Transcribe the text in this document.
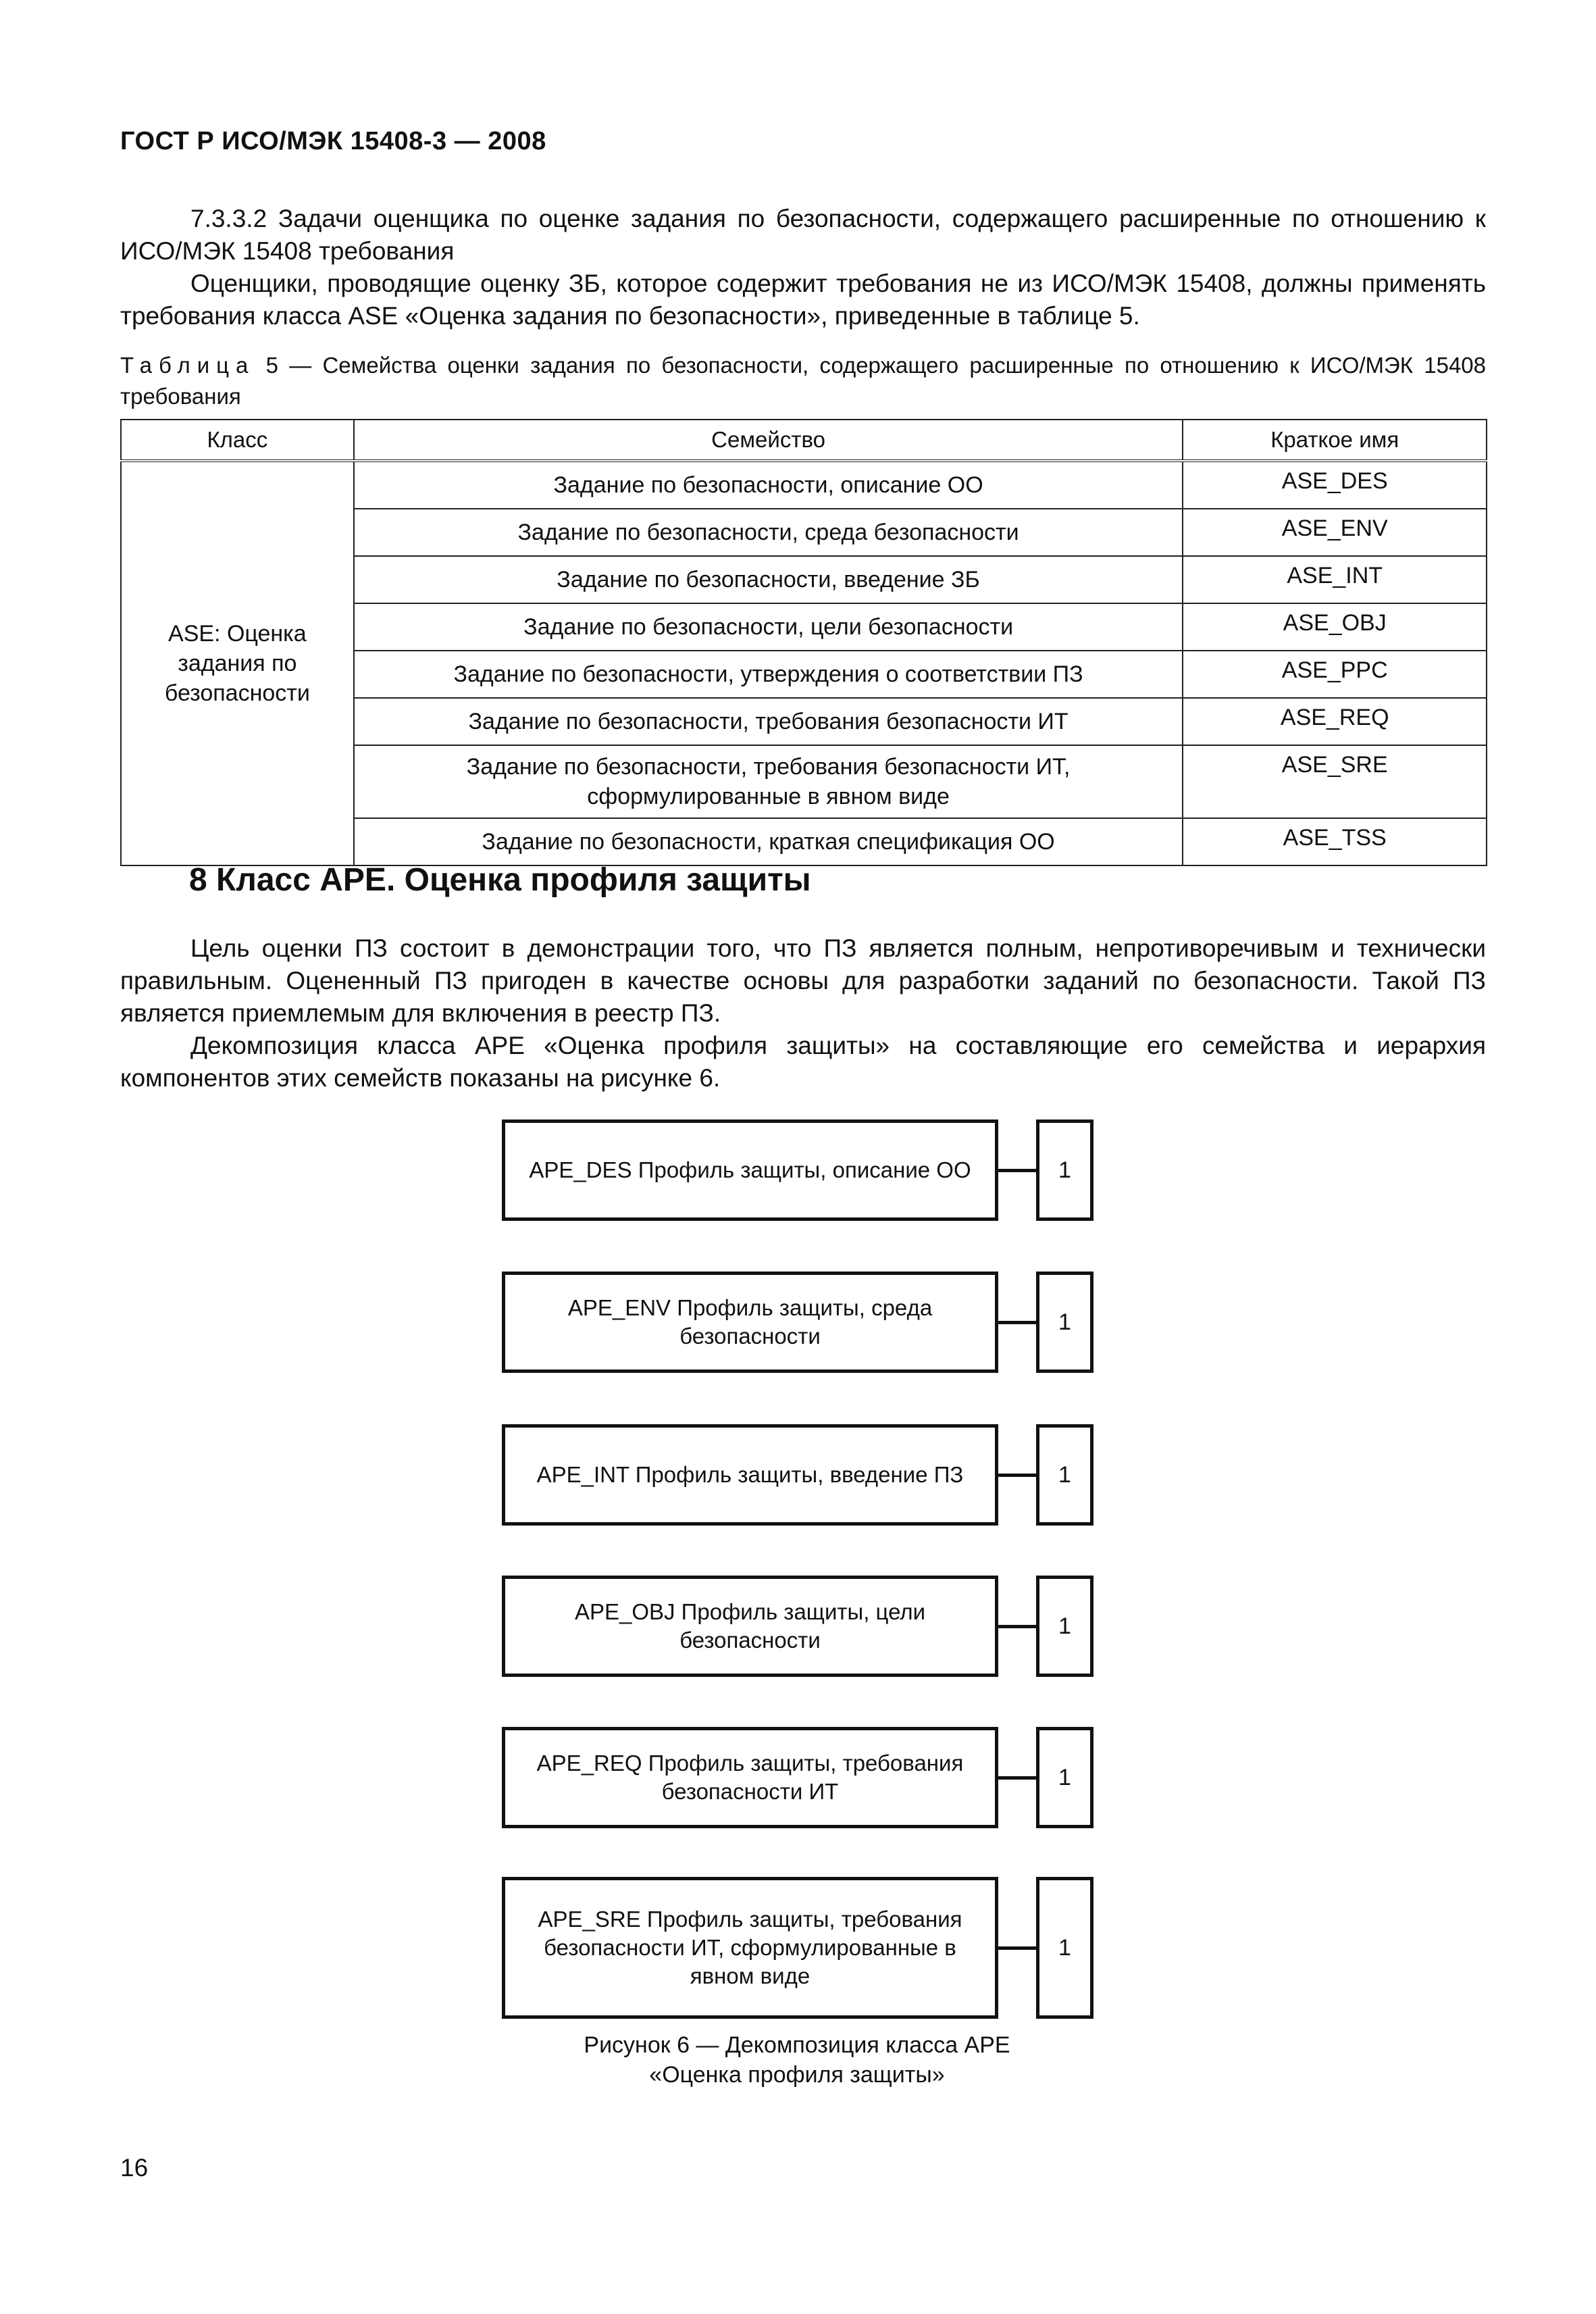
ГОСТ Р ИСО/МЭК 15408-3 — 2008

7.3.3.2 Задачи оценщика по оценке задания по безопасности, содержащего расширенные по отношению к ИСО/МЭК 15408 требования

Оценщики, проводящие оценку ЗБ, которое содержит требования не из ИСО/МЭК 15408, должны применять требования класса ASE «Оценка задания по безопасности», приведенные в таблице 5.

Таблица 5 — Семейства оценки задания по безопасности, содержащего расширенные по отношению к ИСО/МЭК 15408 требования
Класс	Семейство	Краткое имя
ASE: Оценка задания по безопасности	Задание по безопасности, описание ОО	ASE_DES
	Задание по безопасности, среда безопасности	ASE_ENV
	Задание по безопасности, введение ЗБ	ASE_INT
	Задание по безопасности, цели безопасности	ASE_OBJ
	Задание по безопасности, утверждения о соответствии ПЗ	ASE_PPC
	Задание по безопасности, требования безопасности ИТ	ASE_REQ
	Задание по безопасности, требования безопасности ИТ, сформулированные в явном виде	ASE_SRE
	Задание по безопасности, краткая спецификация ОО	ASE_TSS
8 Класс APE. Оценка профиля защиты

Цель оценки ПЗ состоит в демонстрации того, что ПЗ является полным, непротиворечивым и технически правильным. Оцененный ПЗ пригоден в качестве основы для разработки заданий по безопасности. Такой ПЗ является приемлемым для включения в реестр ПЗ.

Декомпозиция класса APE «Оценка профиля защиты» на составляющие его семейства и иерархия компонентов этих семейств показаны на рисунке 6.

APE_DES Профиль защиты, описание ОО	1
APE_ENV Профиль защиты, среда безопасности
1
APE_INT Профиль защиты, введение ПЗ	1
APE_OBJ Профиль защиты, цели безопасности
1
APE_REQ Профиль защиты, требования безопасности ИТ
1
APE_SRE Профиль защиты, требования безопасности ИТ, сформулированные в явном виде
1
Рисунок 6 — Декомпозиция класса APE
«Оценка профиля защиты»
16
